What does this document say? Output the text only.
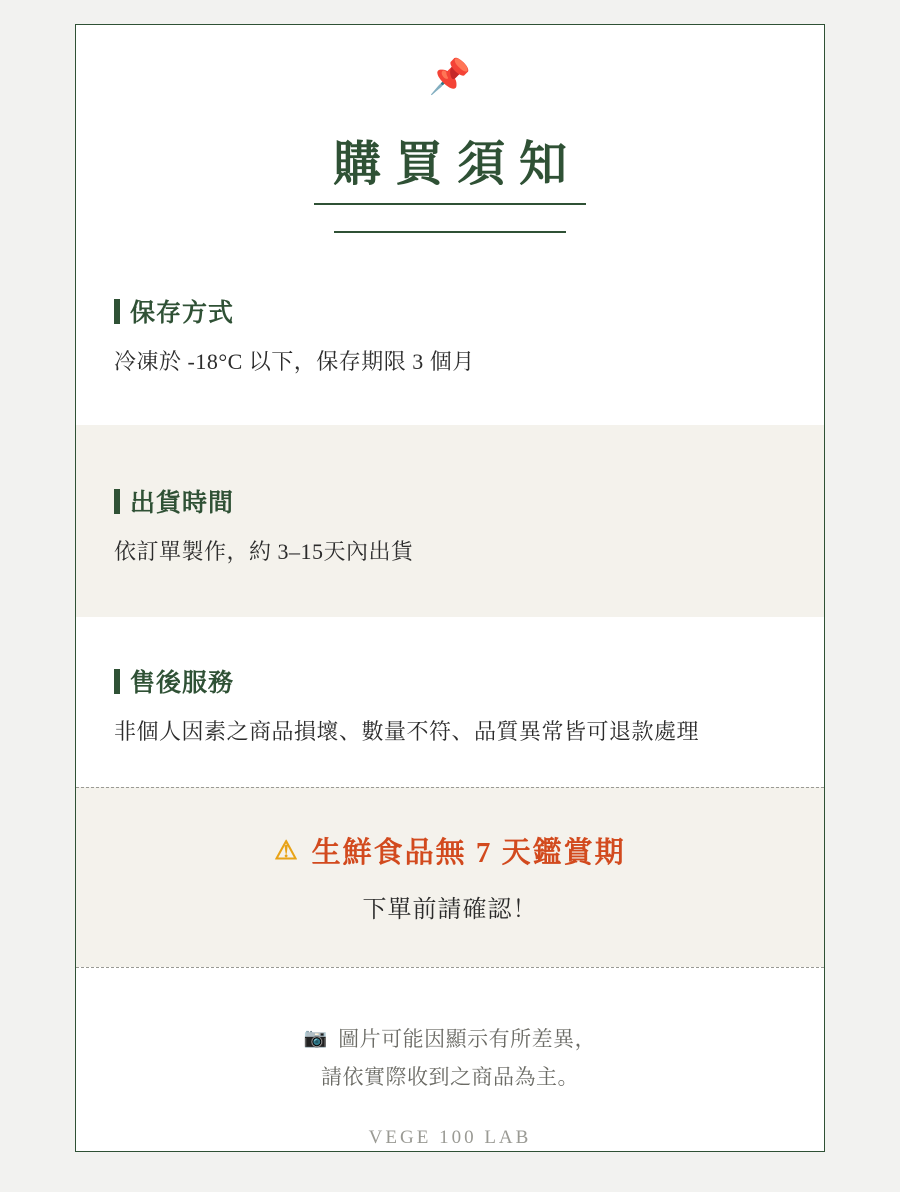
📌
購買須知
保存方式
冷凍於 -18°C 以下，保存期限 3 個月
出貨時間
依訂單製作，約 3–15天內出貨
售後服務
非個人因素之商品損壞、數量不符、品質異常皆可退款處理
⚠ 生鮮食品無 7 天鑑賞期
下單前請確認！
📷 圖片可能因顯示有所差異，
請依實際收到之商品為主。
VEGE 100 LAB
